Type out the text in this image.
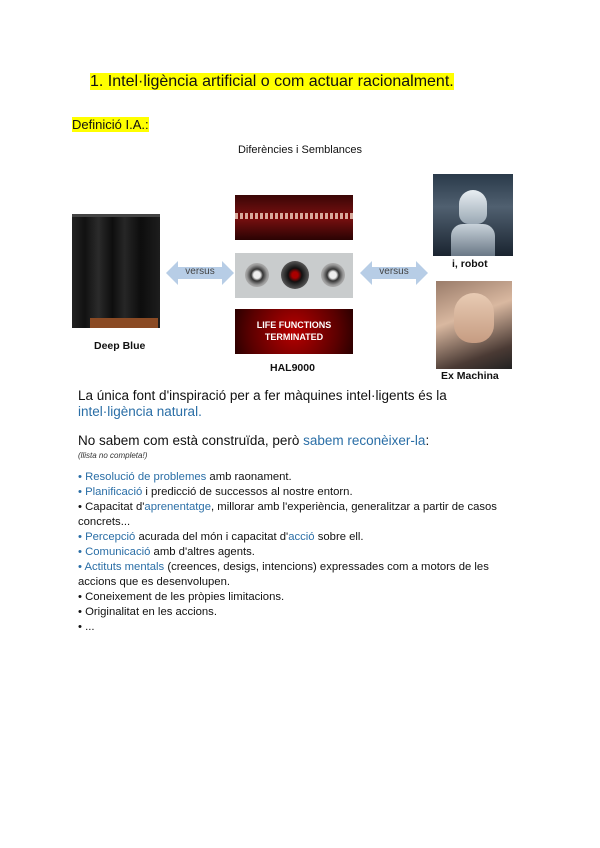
1. Intel·ligència artificial o com actuar racionalment.
Definició I.A.:
Diferències i Semblances
Deep Blue
versus	versus
LIFE FUNCTIONS TERMINATED
HAL9000
i, robot
Ex Machina
La única font d'inspiració per a fer màquines intel·ligents és la
intel·ligència natural.
No sabem com està construïda, però sabem reconèixer-la:
(llista no completa!)
• Resolució de problemes amb raonament.
• Planificació i predicció de successos al nostre entorn.
• Capacitat d'aprenentatge, millorar amb l'experiència, generalitzar a partir de casos concrets...
• Percepció acurada del món i capacitat d'acció sobre ell.
• Comunicació amb d'altres agents.
• Actituts mentals (creences, desigs, intencions) expressades com a motors de les accions que es desenvolupen.
• Coneixement de les pròpies limitacions.
• Originalitat en les accions.
• ...
